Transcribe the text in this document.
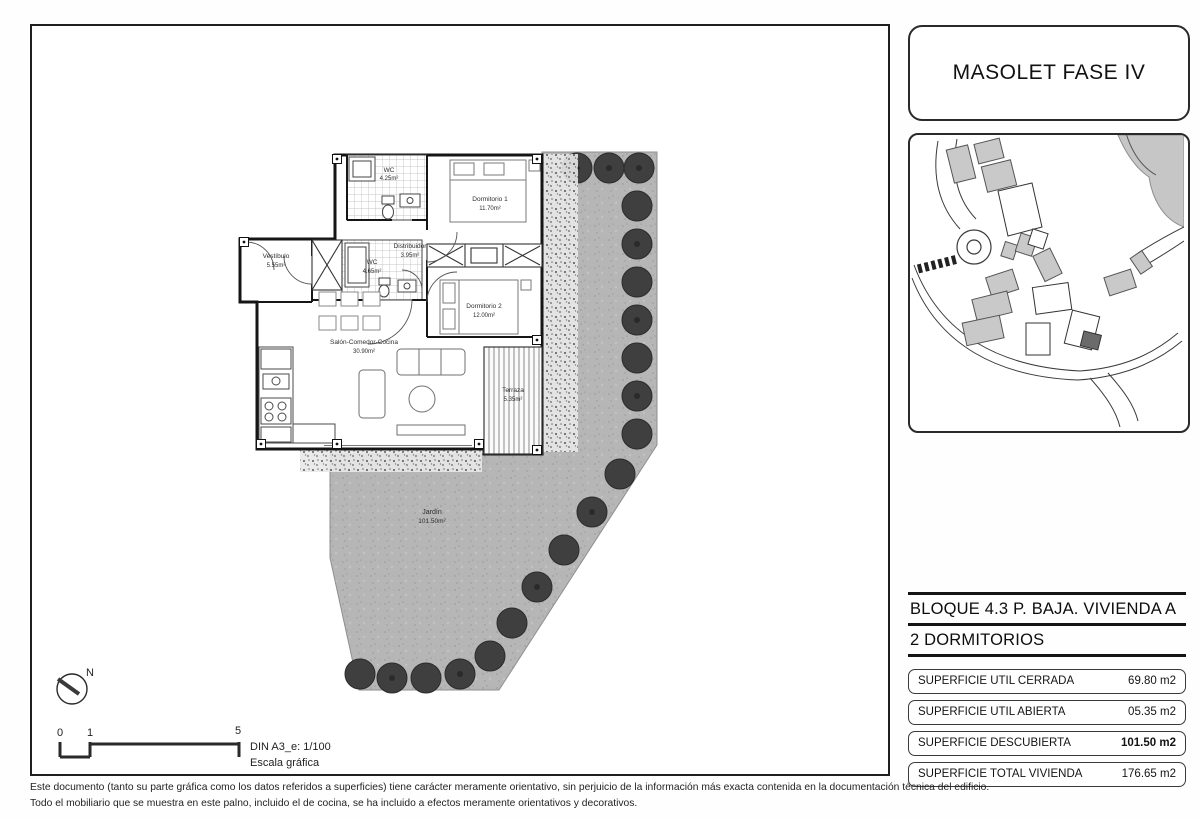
Jardín
101.50m²
WC
4.25m²
Dormitorio 1
11.70m²
Vestíbulo
5.55m²	WC
4.65m²
Distribuidor
3.95m²
Dormitorio 2
12.00m²
Salón-Comedor-Cocina
30.90m²
Terraza
5.35m²
N
0 1	5
DIN A3_e: 1/100
Escala gráfica
MASOLET FASE IV
BLOQUE 4.3 P. BAJA. VIVIENDA A
2 DORMITORIOS
SUPERFICIE UTIL CERRADA	69.80 m2
SUPERFICIE UTIL ABIERTA	05.35 m2
SUPERFICIE DESCUBIERTA	101.50 m2
SUPERFICIE TOTAL VIVIENDA	176.65 m2
Este documento (tanto su parte gráfica como los datos referidos a superficies) tiene carácter meramente orientativo, sin perjuicio de la información más exacta contenida en la documentación técnica del edificio.
Todo el mobiliario que se muestra en este palno, incluido el de cocina, se ha incluido a efectos meramente orientativos y decorativos.
